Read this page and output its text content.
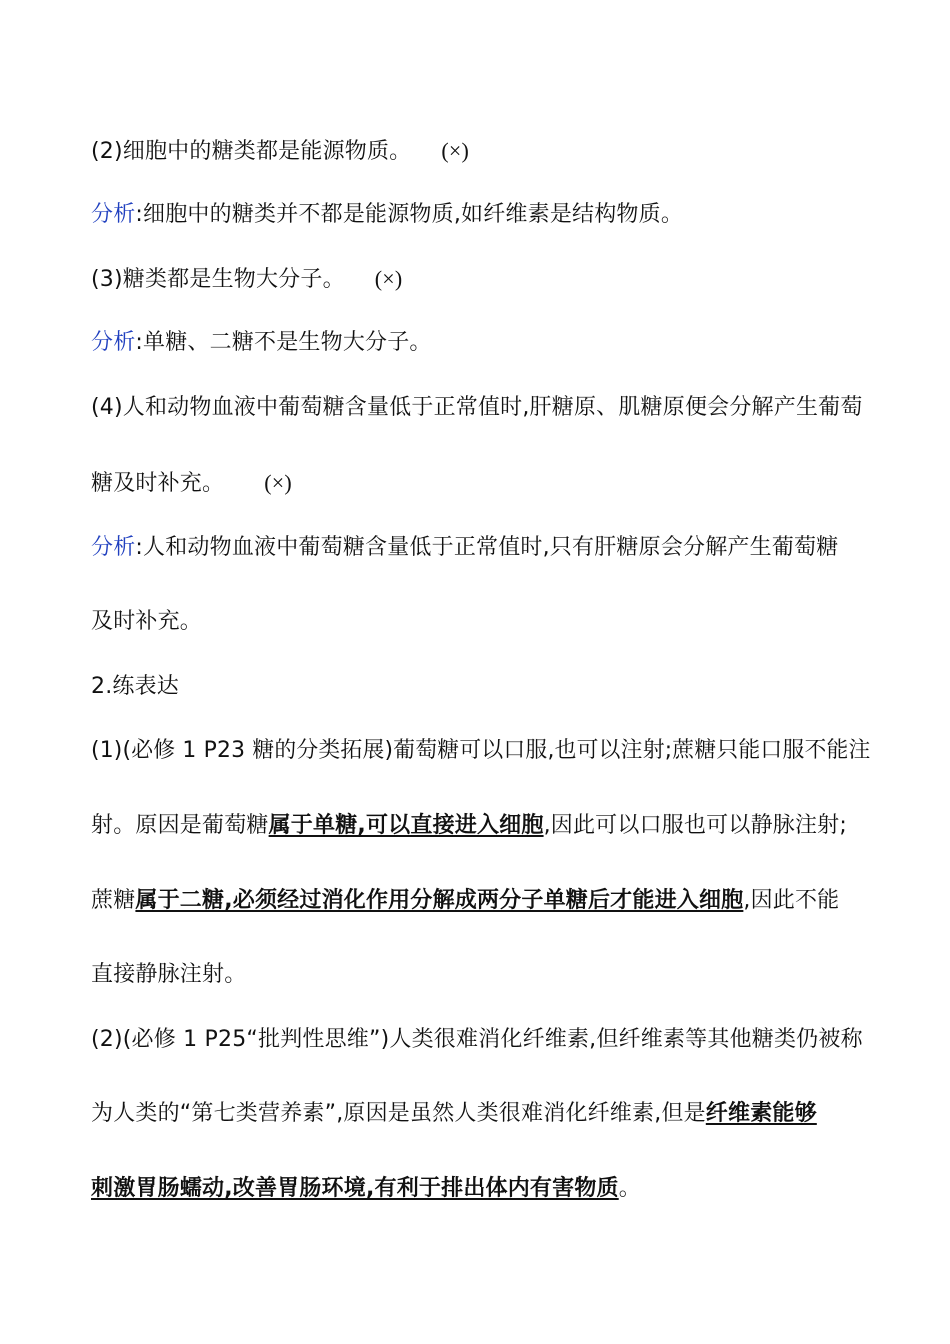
(2)细胞中的糖类都是能源物质。 (×)
分析:细胞中的糖类并不都是能源物质,如纤维素是结构物质。
(3)糖类都是生物大分子。 (×)
分析:单糖、二糖不是生物大分子。
(4)人和动物血液中葡萄糖含量低于正常值时,肝糖原、肌糖原便会分解产生葡萄
糖及时补充。 (×)
分析:人和动物血液中葡萄糖含量低于正常值时,只有肝糖原会分解产生葡萄糖
及时补充。
2.练表达
(1)(必修 1 P23 糖的分类拓展)葡萄糖可以口服,也可以注射;蔗糖只能口服不能注
射。原因是葡萄糖属于单糖,可以直接进入细胞,因此可以口服也可以静脉注射;
蔗糖属于二糖,必须经过消化作用分解成两分子单糖后才能进入细胞,因此不能
直接静脉注射。
(2)(必修 1 P25“批判性思维”)人类很难消化纤维素,但纤维素等其他糖类仍被称
为人类的“第七类营养素”,原因是虽然人类很难消化纤维素,但是纤维素能够
刺激胃肠蠕动,改善胃肠环境,有利于排出体内有害物质。
